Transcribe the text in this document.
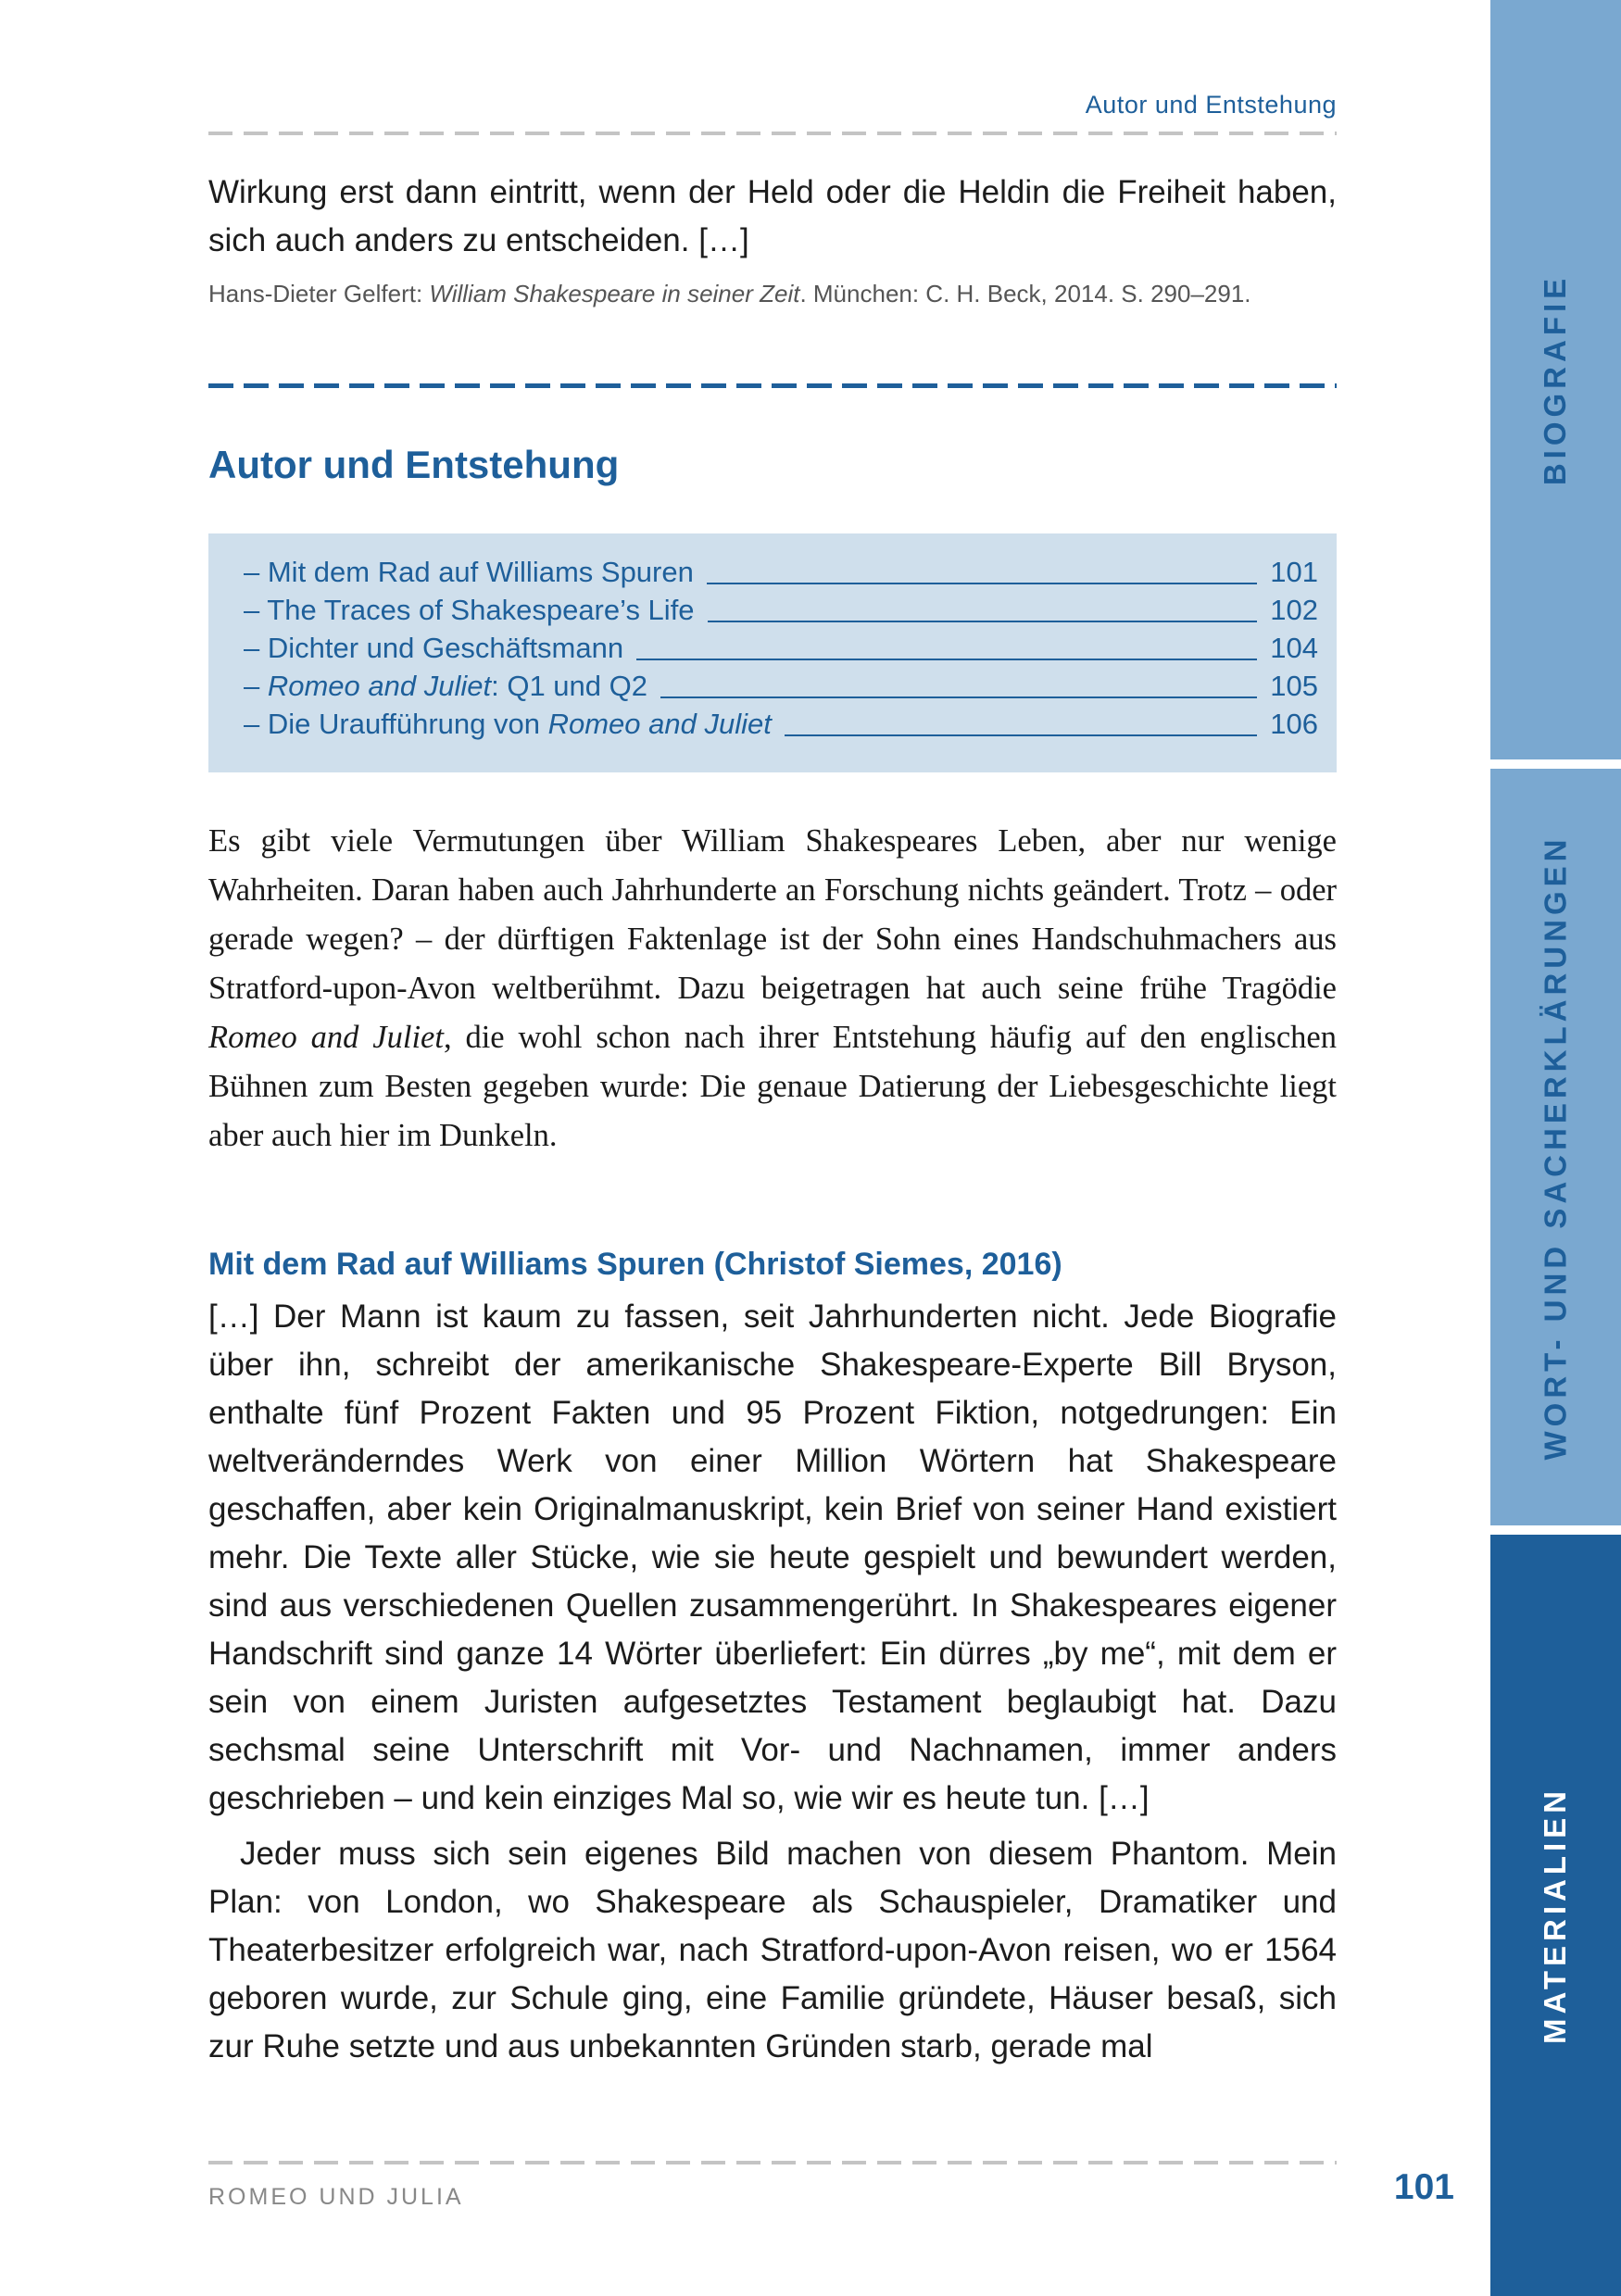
Autor und Entstehung
Wirkung erst dann eintritt, wenn der Held oder die Heldin die Freiheit haben, sich auch anders zu entscheiden. […]
Hans-Dieter Gelfert: William Shakespeare in seiner Zeit. München: C. H. Beck, 2014. S. 290–291.
Autor und Entstehung
– Mit dem Rad auf Williams Spuren	101
– The Traces of Shakespeare’s Life	102
– Dichter und Geschäftsmann	104
– Romeo and Juliet: Q1 und Q2	105
– Die Uraufführung von Romeo and Juliet	106
Es gibt viele Vermutungen über William Shakespeares Leben, aber nur wenige Wahrheiten. Daran haben auch Jahrhunderte an Forschung nichts geändert. Trotz – oder gerade wegen? – der dürftigen Faktenlage ist der Sohn eines Handschuhmachers aus Stratford-upon-Avon weltberühmt. Dazu beigetragen hat auch seine frühe Tragödie Romeo and Juliet, die wohl schon nach ihrer Entstehung häufig auf den englischen Bühnen zum Besten gegeben wurde: Die genaue Datierung der Liebesgeschichte liegt aber auch hier im Dunkeln.
Mit dem Rad auf Williams Spuren (Christof Siemes, 2016)
[…] Der Mann ist kaum zu fassen, seit Jahrhunderten nicht. Jede Biografie über ihn, schreibt der amerikanische Shakespeare-Experte Bill Bryson, enthalte fünf Prozent Fakten und 95 Prozent Fiktion, notgedrungen: Ein weltveränderndes Werk von einer Million Wörtern hat Shakespeare geschaffen, aber kein Originalmanuskript, kein Brief von seiner Hand existiert mehr. Die Texte aller Stücke, wie sie heute gespielt und bewundert werden, sind aus verschiedenen Quellen zusammengerührt. In Shakespeares eigener Handschrift sind ganze 14 Wörter überliefert: Ein dürres „by me“, mit dem er sein von einem Juristen aufgesetztes Testament beglaubigt hat. Dazu sechsmal seine Unterschrift mit Vor- und Nachnamen, immer anders geschrieben – und kein einziges Mal so, wie wir es heute tun. […]
Jeder muss sich sein eigenes Bild machen von diesem Phantom. Mein Plan: von London, wo Shakespeare als Schauspieler, Dramatiker und Theaterbesitzer erfolgreich war, nach Stratford-upon-Avon reisen, wo er 1564 geboren wurde, zur Schule ging, eine Familie gründete, Häuser besaß, sich zur Ruhe setzte und aus unbekannten Gründen starb, gerade mal
ROMEO UND JULIA	101
BIOGRAFIE
WORT- UND SACHERKLÄRUNGEN
MATERIALIEN
